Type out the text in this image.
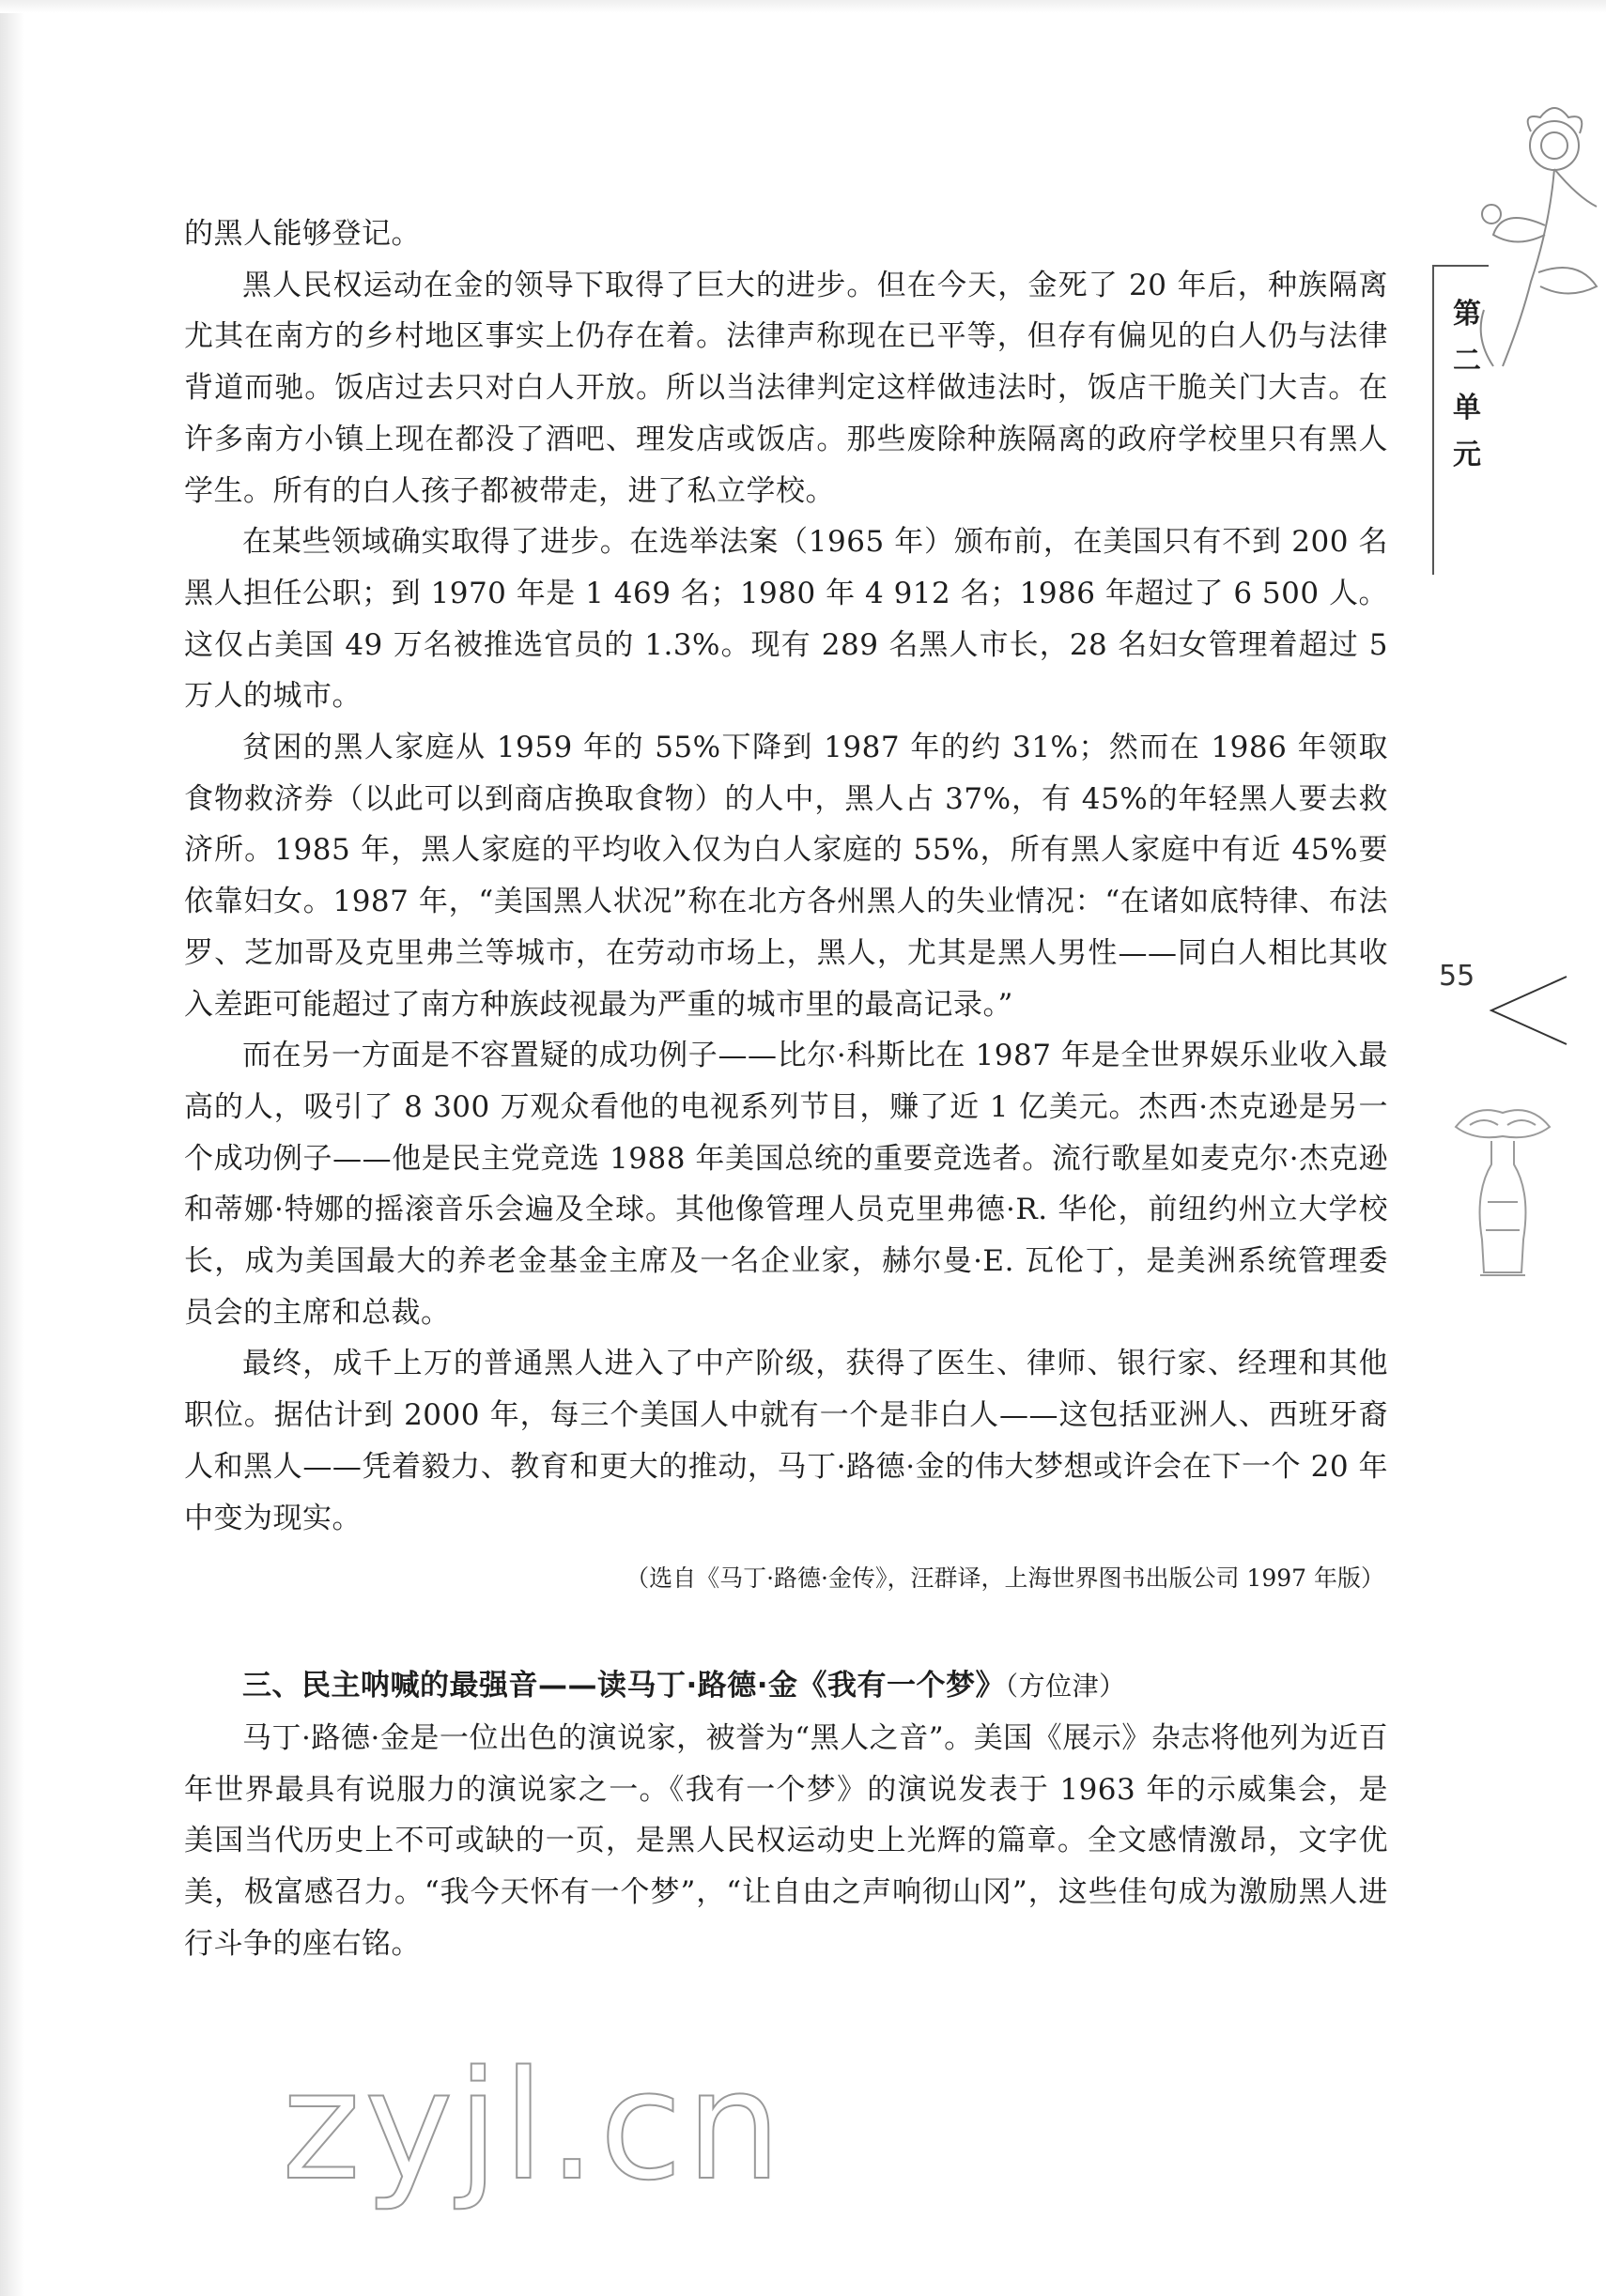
第二单元
55

的黑人能够登记。

黑人民权运动在金的领导下取得了巨大的进步。但在今天，金死了 20 年后，种族隔离尤其在南方的乡村地区事实上仍存在着。法律声称现在已平等，但存有偏见的白人仍与法律背道而驰。饭店过去只对白人开放。所以当法律判定这样做违法时，饭店干脆关门大吉。在许多南方小镇上现在都没了酒吧、理发店或饭店。那些废除种族隔离的政府学校里只有黑人学生。所有的白人孩子都被带走，进了私立学校。

在某些领域确实取得了进步。在选举法案（1965 年）颁布前，在美国只有不到 200 名黑人担任公职；到 1970 年是 1 469 名；1980 年 4 912 名；1986 年超过了 6 500 人。这仅占美国 49 万名被推选官员的 1.3%。现有 289 名黑人市长，28 名妇女管理着超过 5 万人的城市。

贫困的黑人家庭从 1959 年的 55%下降到 1987 年的约 31%；然而在 1986 年领取食物救济券（以此可以到商店换取食物）的人中，黑人占 37%，有 45%的年轻黑人要去救济所。1985 年，黑人家庭的平均收入仅为白人家庭的 55%，所有黑人家庭中有近 45%要依靠妇女。1987 年，“美国黑人状况”称在北方各州黑人的失业情况：“在诸如底特律、布法罗、芝加哥及克里弗兰等城市，在劳动市场上，黑人，尤其是黑人男性——同白人相比其收入差距可能超过了南方种族歧视最为严重的城市里的最高记录。”

而在另一方面是不容置疑的成功例子——比尔·科斯比在 1987 年是全世界娱乐业收入最高的人，吸引了 8 300 万观众看他的电视系列节目，赚了近 1 亿美元。杰西·杰克逊是另一个成功例子——他是民主党竞选 1988 年美国总统的重要竞选者。流行歌星如麦克尔·杰克逊和蒂娜·特娜的摇滚音乐会遍及全球。其他像管理人员克里弗德·R. 华伦，前纽约州立大学校长，成为美国最大的养老金基金主席及一名企业家，赫尔曼·E. 瓦伦丁，是美洲系统管理委员会的主席和总裁。

最终，成千上万的普通黑人进入了中产阶级，获得了医生、律师、银行家、经理和其他职位。据估计到 2000 年，每三个美国人中就有一个是非白人——这包括亚洲人、西班牙裔人和黑人——凭着毅力、教育和更大的推动，马丁·路德·金的伟大梦想或许会在下一个 20 年中变为现实。

（选自《马丁·路德·金传》，汪群译，上海世界图书出版公司 1997 年版）

三、民主呐喊的最强音——读马丁·路德·金《我有一个梦》（方位津）

马丁·路德·金是一位出色的演说家，被誉为“黑人之音”。美国《展示》杂志将他列为近百年世界最具有说服力的演说家之一。《我有一个梦》的演说发表于 1963 年的示威集会，是美国当代历史上不可或缺的一页，是黑人民权运动史上光辉的篇章。全文感情激昂，文字优美，极富感召力。“我今天怀有一个梦”，“让自由之声响彻山冈”，这些佳句成为激励黑人进行斗争的座右铭。

zyjl.cn
